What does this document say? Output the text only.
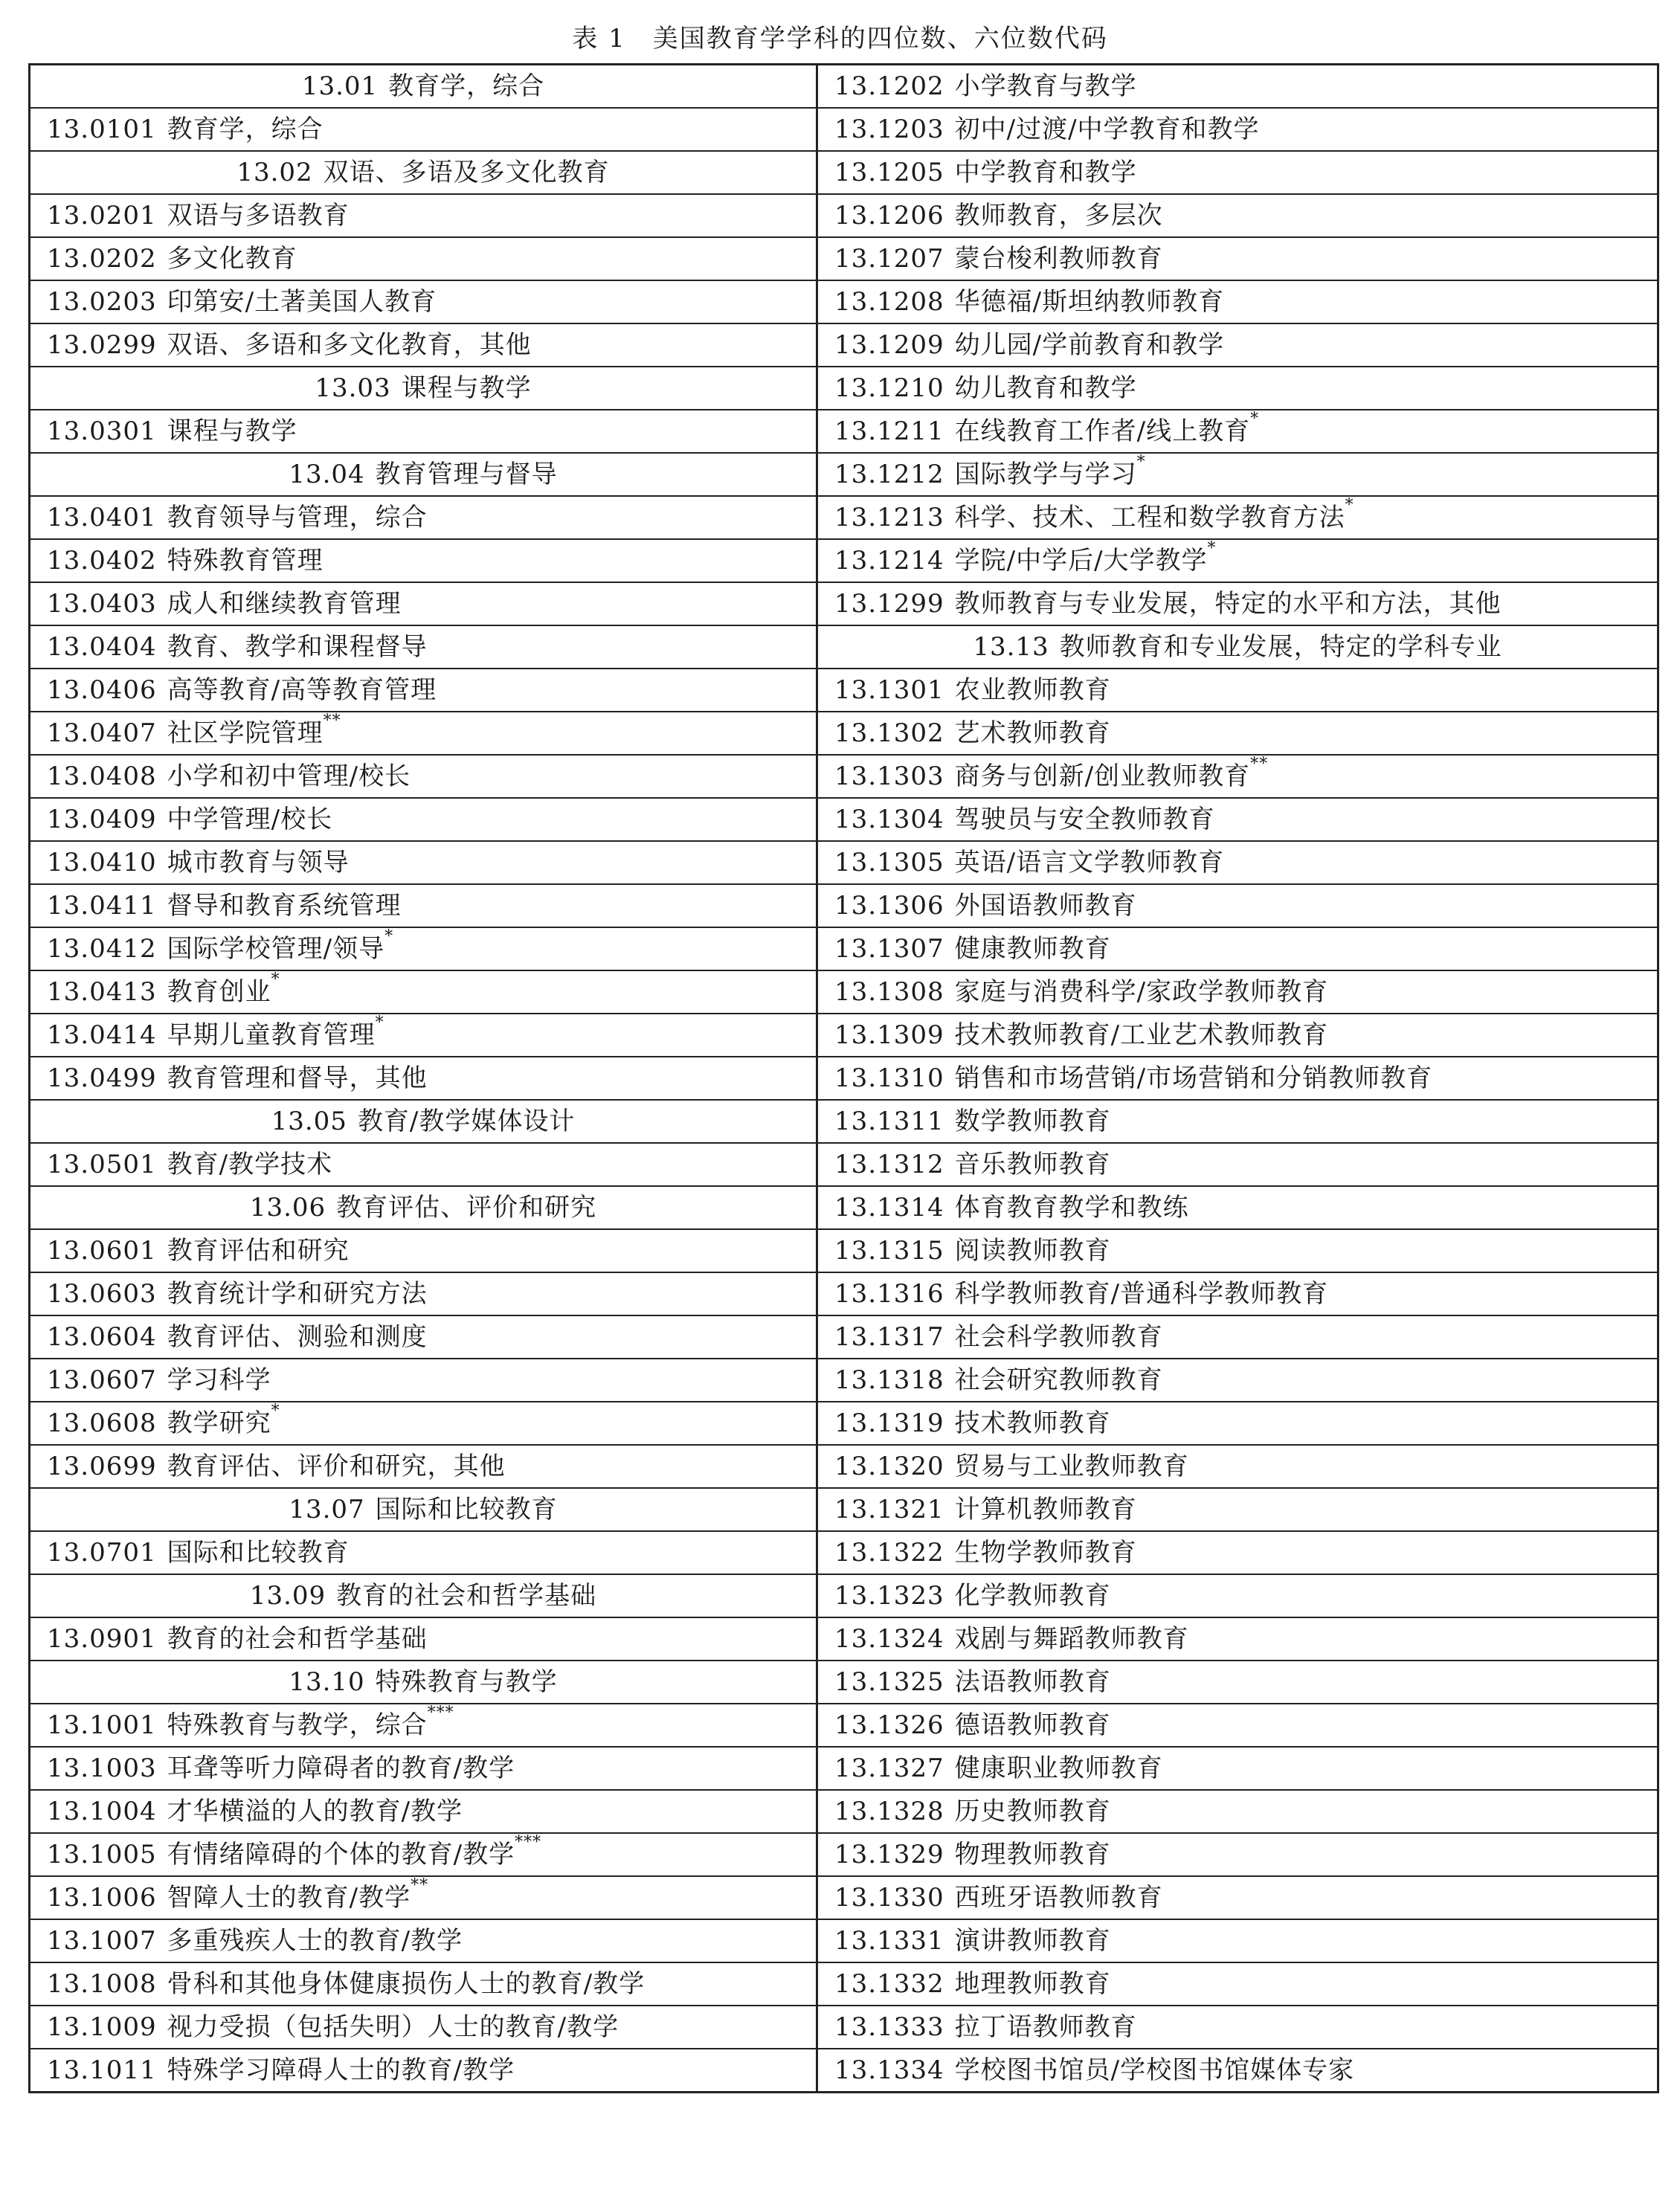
表 1　美国教育学学科的四位数、六位数代码
13.01 教育学，综合	13.1202 小学教育与教学
13.0101 教育学，综合	13.1203 初中/过渡/中学教育和教学
13.02 双语、多语及多文化教育	13.1205 中学教育和教学
13.0201 双语与多语教育	13.1206 教师教育，多层次
13.0202 多文化教育	13.1207 蒙台梭利教师教育
13.0203 印第安/土著美国人教育	13.1208 华德福/斯坦纳教师教育
13.0299 双语、多语和多文化教育，其他	13.1209 幼儿园/学前教育和教学
13.03 课程与教学	13.1210 幼儿教育和教学
13.0301 课程与教学	13.1211 在线教育工作者/线上教育*
13.04 教育管理与督导	13.1212 国际教学与学习*
13.0401 教育领导与管理，综合	13.1213 科学、技术、工程和数学教育方法*
13.0402 特殊教育管理	13.1214 学院/中学后/大学教学*
13.0403 成人和继续教育管理	13.1299 教师教育与专业发展，特定的水平和方法，其他
13.0404 教育、教学和课程督导	13.13 教师教育和专业发展，特定的学科专业
13.0406 高等教育/高等教育管理	13.1301 农业教师教育
13.0407 社区学院管理**	13.1302 艺术教师教育
13.0408 小学和初中管理/校长	13.1303 商务与创新/创业教师教育**
13.0409 中学管理/校长	13.1304 驾驶员与安全教师教育
13.0410 城市教育与领导	13.1305 英语/语言文学教师教育
13.0411 督导和教育系统管理	13.1306 外国语教师教育
13.0412 国际学校管理/领导*	13.1307 健康教师教育
13.0413 教育创业*	13.1308 家庭与消费科学/家政学教师教育
13.0414 早期儿童教育管理*	13.1309 技术教师教育/工业艺术教师教育
13.0499 教育管理和督导，其他	13.1310 销售和市场营销/市场营销和分销教师教育
13.05 教育/教学媒体设计	13.1311 数学教师教育
13.0501 教育/教学技术	13.1312 音乐教师教育
13.06 教育评估、评价和研究	13.1314 体育教育教学和教练
13.0601 教育评估和研究	13.1315 阅读教师教育
13.0603 教育统计学和研究方法	13.1316 科学教师教育/普通科学教师教育
13.0604 教育评估、测验和测度	13.1317 社会科学教师教育
13.0607 学习科学	13.1318 社会研究教师教育
13.0608 教学研究*	13.1319 技术教师教育
13.0699 教育评估、评价和研究，其他	13.1320 贸易与工业教师教育
13.07 国际和比较教育	13.1321 计算机教师教育
13.0701 国际和比较教育	13.1322 生物学教师教育
13.09 教育的社会和哲学基础	13.1323 化学教师教育
13.0901 教育的社会和哲学基础	13.1324 戏剧与舞蹈教师教育
13.10 特殊教育与教学	13.1325 法语教师教育
13.1001 特殊教育与教学，综合***	13.1326 德语教师教育
13.1003 耳聋等听力障碍者的教育/教学	13.1327 健康职业教师教育
13.1004 才华横溢的人的教育/教学	13.1328 历史教师教育
13.1005 有情绪障碍的个体的教育/教学***	13.1329 物理教师教育
13.1006 智障人士的教育/教学**	13.1330 西班牙语教师教育
13.1007 多重残疾人士的教育/教学	13.1331 演讲教师教育
13.1008 骨科和其他身体健康损伤人士的教育/教学	13.1332 地理教师教育
13.1009 视力受损（包括失明）人士的教育/教学	13.1333 拉丁语教师教育
13.1011 特殊学习障碍人士的教育/教学	13.1334 学校图书馆员/学校图书馆媒体专家
